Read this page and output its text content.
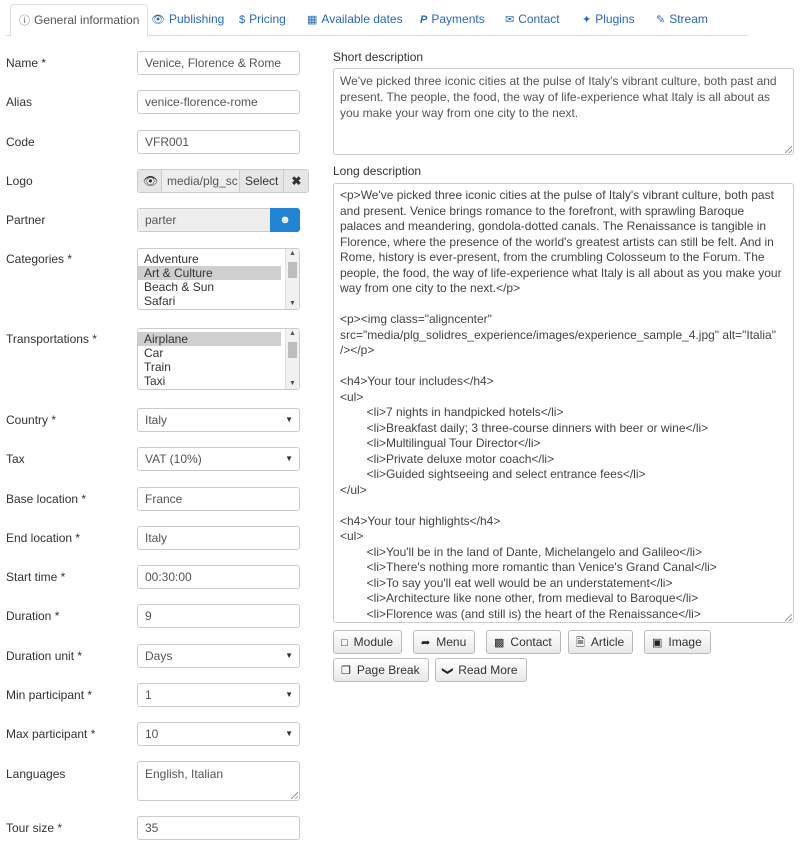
ⓘ General information	👁 Publishing $ Pricing ▦ Available dates P Payments ✉ Contact ✦ Plugins ✎ Stream
Name *	Venice, Florence & Rome
Alias	venice-florence-rome
Code	VFR001
Logo	👁 media/plg_sc Select	✖
Partner	parter	☻
Categories *	Adventure
Art & Culture
Beach & Sun
Safari
▲
▼
Transportations *	Airplane
Car
Train
Taxi
▲
▼
Country *	Italy	▼
Tax	VAT (10%)	▼
Base location *	France
End location *	Italy
Start time *	00:30:00
Duration *	9
Duration unit *	Days	▼
Min participant *	1	▼
Max participant *	10	▼
Languages	English, Italian
Tour size *	35
Short description
We've picked three iconic cities at the pulse of Italy's vibrant culture, both past and present. The people, the food, the way of life-experience what Italy is all about as you make your way from one city to the next.
Long description
<p>We've picked three iconic cities at the pulse of Italy's vibrant culture, both past and present. Venice brings romance to the forefront, with sprawling Baroque palaces and meandering, gondola-dotted canals. The Renaissance is tangible in Florence, where the presence of the world's greatest artists can still be felt. And in Rome, history is ever-present, from the crumbling Colosseum to the Forum. The people, the food, the way of life-experience what Italy is all about as you make your way from one city to the next.</p>

<p><img class="aligncenter" src="media/plg_solidres_experience/images/experience_sample_4.jpg" alt="Italia" /></p>

<h4>Your tour includes</h4>
<ul>
<li>7 nights in handpicked hotels</li>
<li>Breakfast daily; 3 three-course dinners with beer or wine</li>
<li>Multilingual Tour Director</li>
<li>Private deluxe motor coach</li>
<li>Guided sightseeing and select entrance fees</li>
</ul>

<h4>Your tour highlights</h4>
<ul>
<li>You'll be in the land of Dante, Michelangelo and Galileo</li>
<li>There's nothing more romantic than Venice's Grand Canal</li>
<li>To say you'll eat well would be an understatement</li>
<li>Architecture like none other, from medieval to Baroque</li>
<li>Florence was (and still is) the heart of the Renaissance</li>

□ Module	➦ Menu	▩ Contact	🗎 Article	▣ Image
❐ Page Break	❯ Read More
